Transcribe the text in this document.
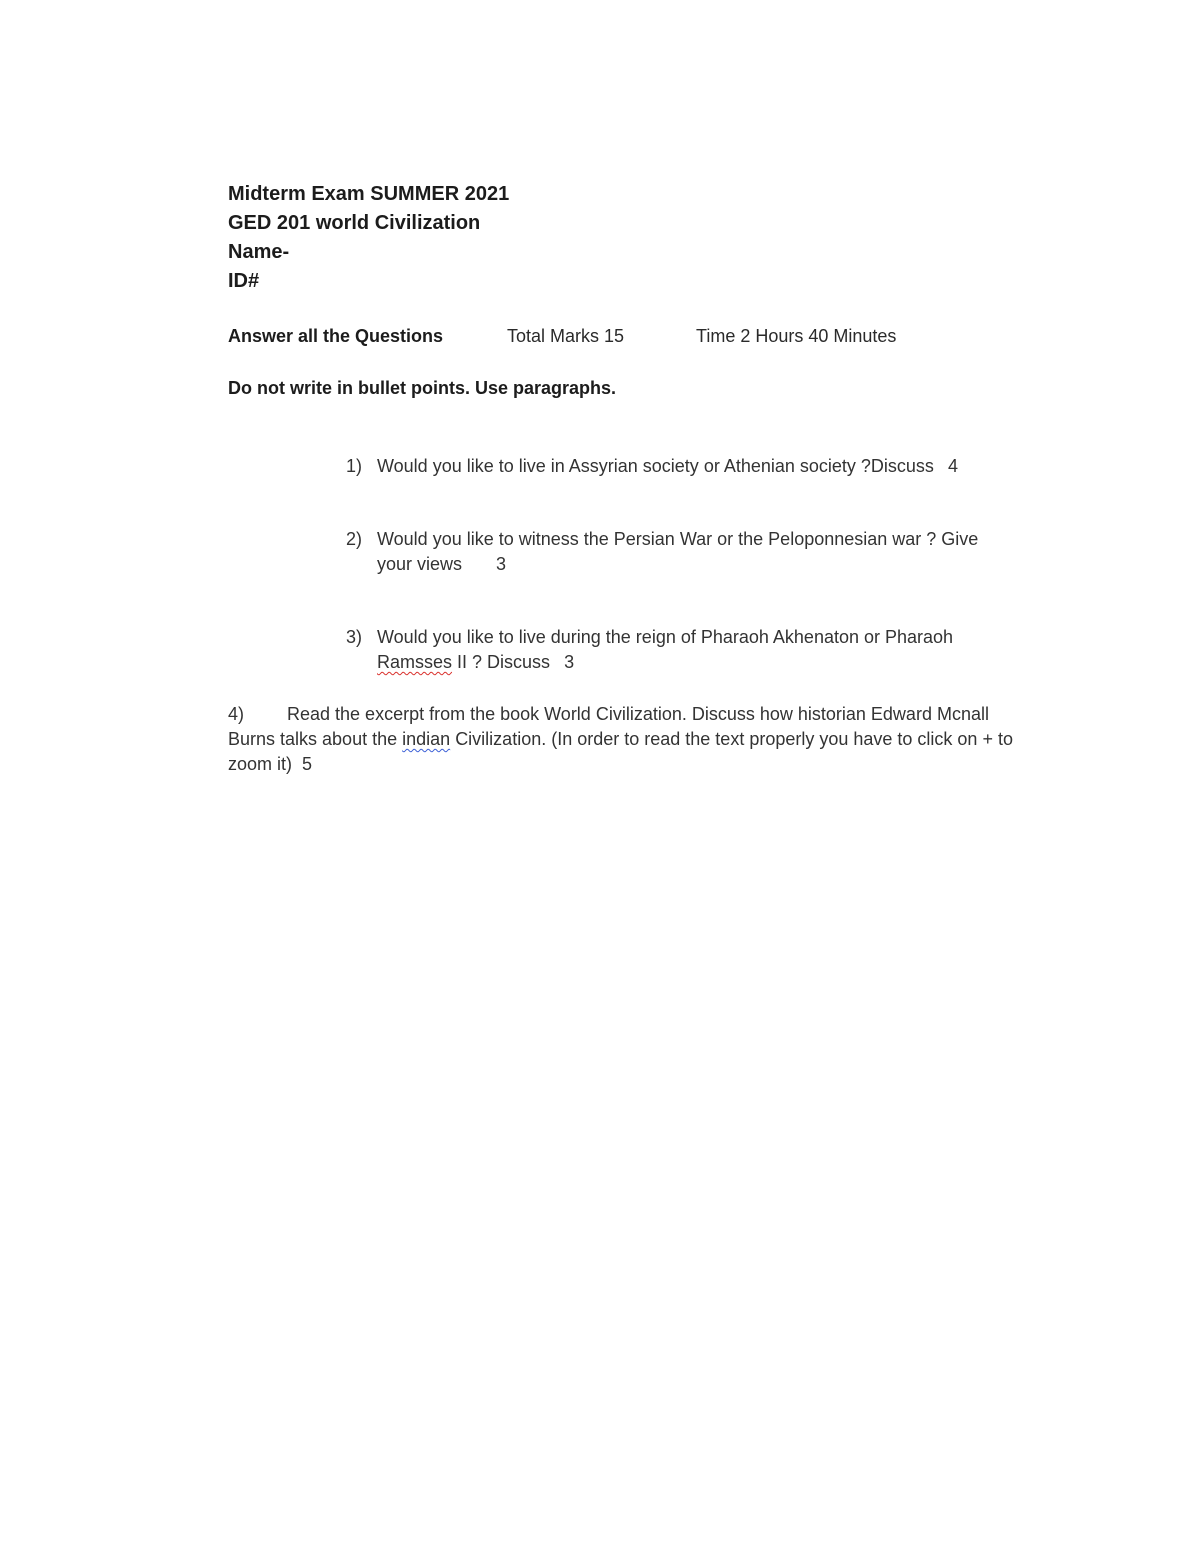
Midterm Exam SUMMER 2021
GED 201 world Civilization
Name-
ID#
Answer all the Questions	Total Marks 15	Time 2 Hours 40 Minutes
Do not write in bullet points. Use paragraphs.
1) Would you like to live in Assyrian society or Athenian society ?Discuss 4
2) Would you like to witness the Persian War or the Peloponnesian war ? Give your views 3
3) Would you like to live during the reign of Pharaoh Akhenaton or Pharaoh Ramsses II ? Discuss 3
4) Read the excerpt from the book World Civilization. Discuss how historian Edward Mcnall Burns talks about the indian Civilization. (In order to read the text properly you have to click on + to zoom it) 5
